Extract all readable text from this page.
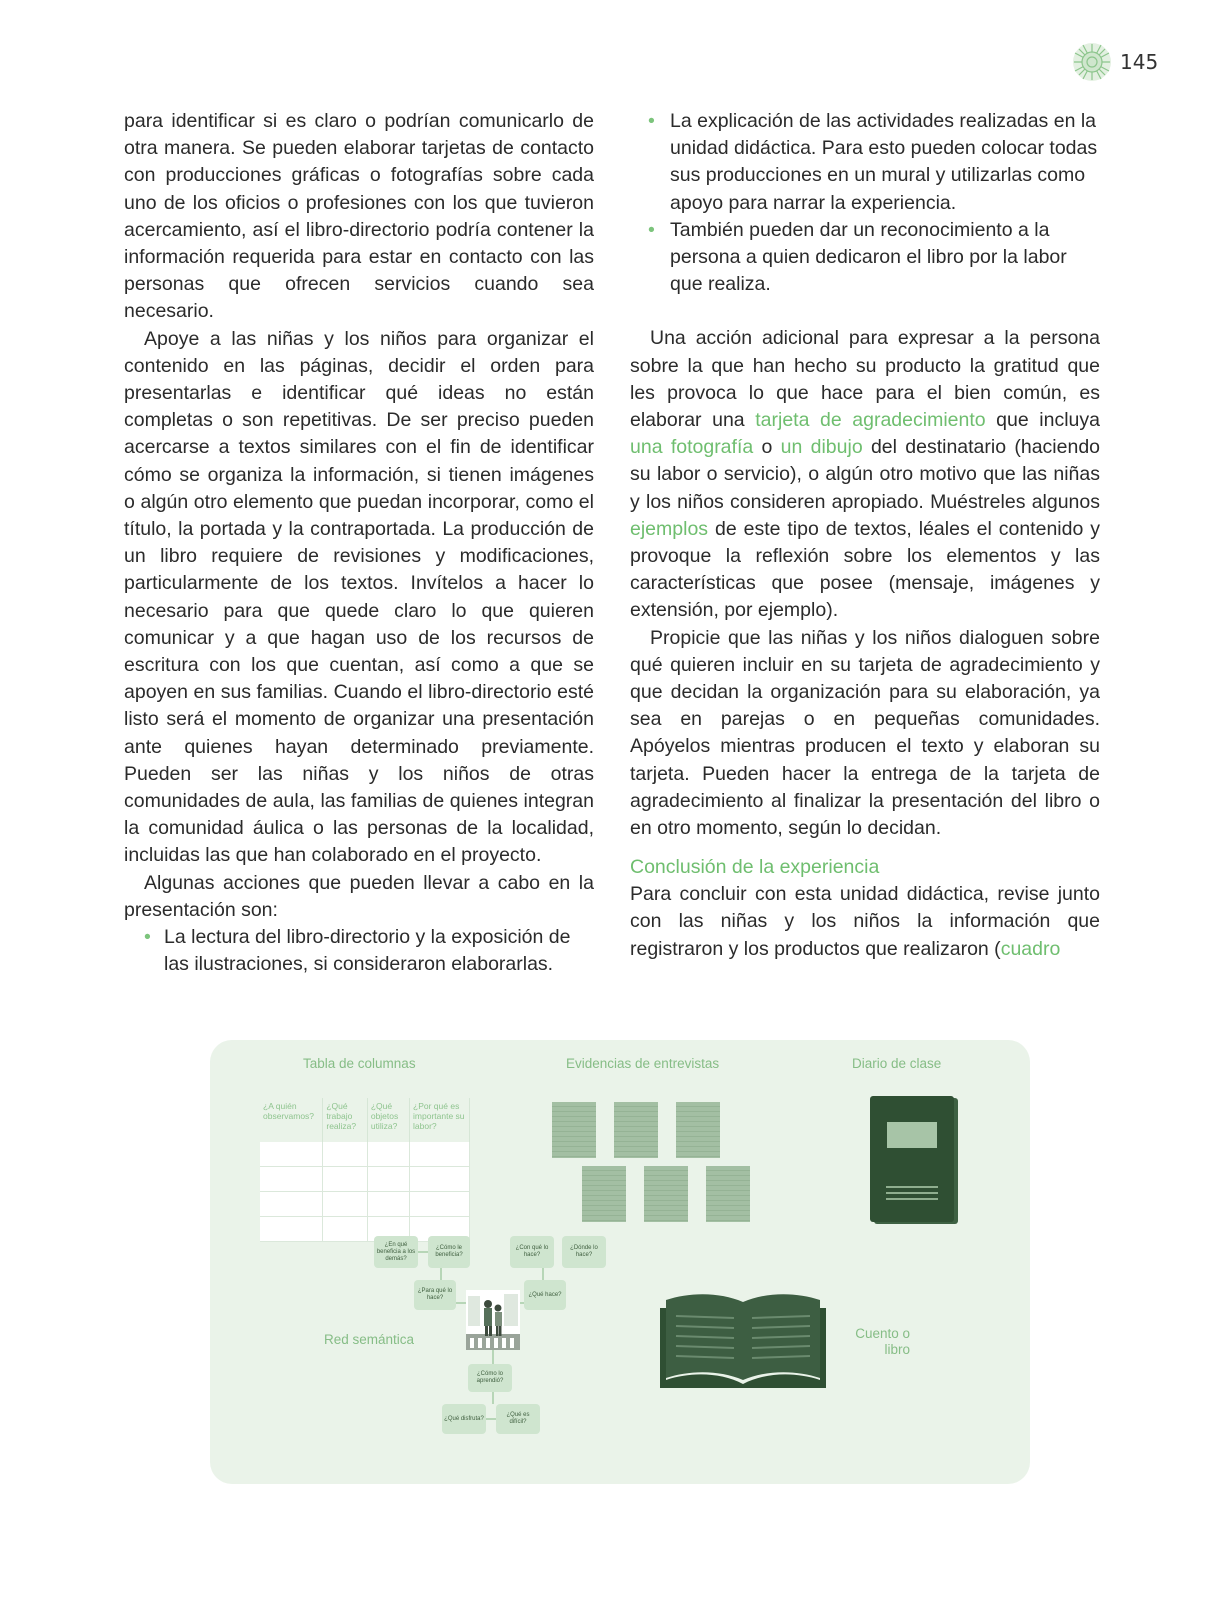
145

para identificar si es claro o podrían comunicarlo de otra manera. Se pueden elaborar tarjetas de contacto con producciones gráficas o fotografías sobre cada uno de los oficios o profesiones con los que tuvieron acercamiento, así el libro-directorio podría contener la información requerida para estar en contacto con las personas que ofrecen servicios cuando sea necesario.

Apoye a las niñas y los niños para organizar el contenido en las páginas, decidir el orden para presentarlas e identificar qué ideas no están completas o son repetitivas. De ser preciso pueden acercarse a textos similares con el fin de identificar cómo se organiza la información, si tienen imágenes o algún otro elemento que puedan incorporar, como el título, la portada y la contraportada. La producción de un libro requiere de revisiones y modificaciones, particularmente de los textos. Invítelos a hacer lo necesario para que quede claro lo que quieren comunicar y a que hagan uso de los recursos de escritura con los que cuentan, así como a que se apoyen en sus familias. Cuando el libro-directorio esté listo será el momento de organizar una presentación ante quienes hayan determinado previamente. Pueden ser las niñas y los niños de otras comunidades de aula, las familias de quienes integran la comunidad áulica o las personas de la localidad, incluidas las que han colaborado en el proyecto.

Algunas acciones que pueden llevar a cabo en la presentación son:

• La lectura del libro-directorio y la exposición de las ilustraciones, si consideraron elaborarlas.
• La explicación de las actividades realizadas en la unidad didáctica. Para esto pueden colocar todas sus producciones en un mural y utilizarlas como apoyo para narrar la experiencia.
• También pueden dar un reconocimiento a la persona a quien dedicaron el libro por la labor que realiza.

Una acción adicional para expresar a la persona sobre la que han hecho su producto la gratitud que les provoca lo que hace para el bien común, es elaborar una tarjeta de agradecimiento que incluya una fotografía o un dibujo del destinatario (haciendo su labor o servicio), o algún otro motivo que las niñas y los niños consideren apropiado. Muéstreles algunos ejemplos de este tipo de textos, léales el contenido y provoque la reflexión sobre los elementos y las características que posee (mensaje, imágenes y extensión, por ejemplo).

Propicie que las niñas y los niños dialoguen sobre qué quieren incluir en su tarjeta de agradecimiento y que decidan la organización para su elaboración, ya sea en parejas o en pequeñas comunidades. Apóyelos mientras producen el texto y elaboran su tarjeta. Pueden hacer la entrega de la tarjeta de agradecimiento al finalizar la presentación del libro o en otro momento, según lo decidan.

Conclusión de la experiencia

Para concluir con esta unidad didáctica, revise junto con las niñas y los niños la información que registraron y los productos que realizaron (cuadro

Tabla de columnas
¿A quién observamos?	¿Qué trabajo realiza?	¿Qué objetos utiliza?	¿Por qué es importante su labor?

Evidencias de entrevistas	Diario de clase
Red semántica
¿En qué beneficia a los demás?
¿Cómo le beneficia?
¿Con qué lo hace?
¿Dónde lo hace?
¿Para qué lo hace?
¿Qué hace?
¿Cómo lo aprendió?
¿Qué disfruta?
¿Qué es difícil?
Cuento o libro
